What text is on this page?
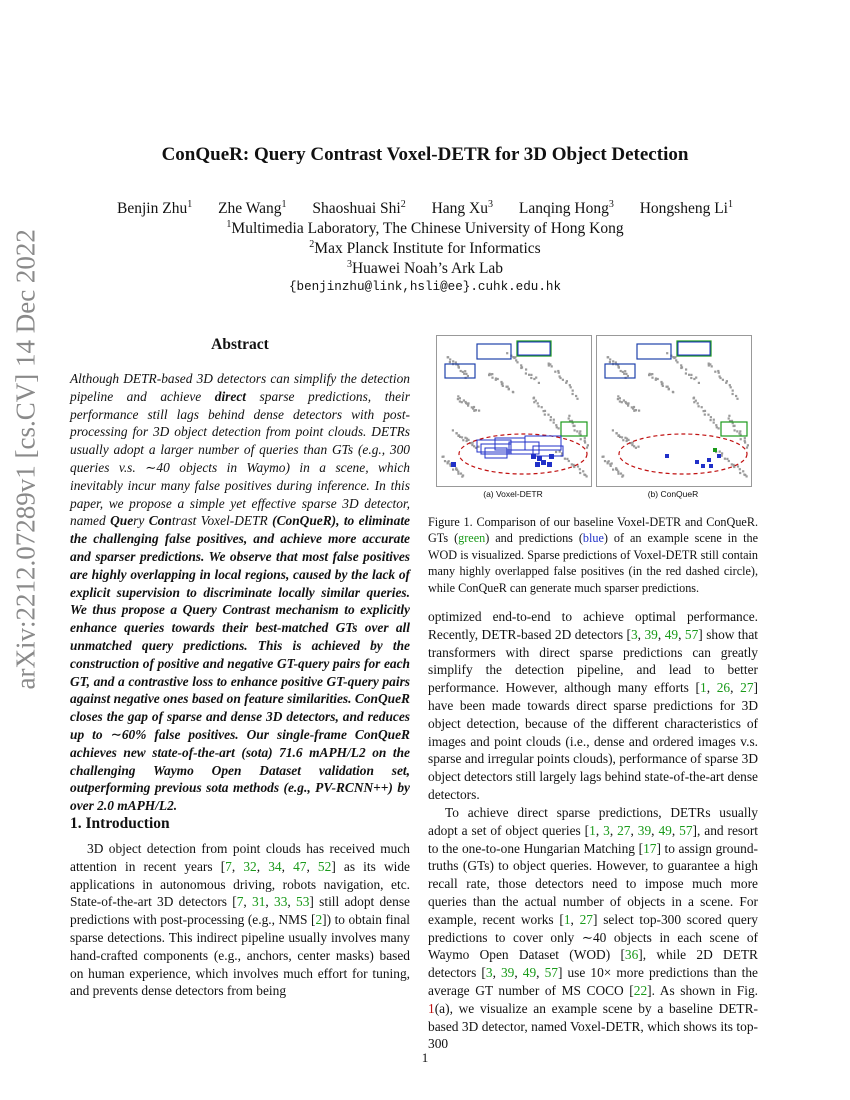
arXiv:2212.07289v1 [cs.CV] 14 Dec 2022
ConQueR: Query Contrast Voxel-DETR for 3D Object Detection
Benjin Zhu$^1$ Zhe Wang$^1$ Shaoshuai Shi$^2$ Hang Xu$^3$ Lanqing Hong$^3$ Hongsheng Li$^1$
$^1$Multimedia Laboratory, The Chinese University of Hong Kong
$^2$Max Planck Institute for Informatics
$^3$Huawei Noah’s Ark Lab
{benjinzhu@link,hsli@ee}.cuhk.edu.hk
Abstract
Although DETR-based 3D detectors can simplify the detection pipeline and achieve direct sparse predictions, their performance still lags behind dense detectors with post-processing for 3D object detection from point clouds. DETRs usually adopt a larger number of queries than GTs (e.g., 300 queries v.s. ∼40 objects in Waymo) in a scene, which inevitably incur many false positives during inference. In this paper, we propose a simple yet effective sparse 3D detector, named Query Contrast Voxel-DETR (ConQueR), to eliminate the challenging false positives, and achieve more accurate and sparser predictions. We observe that most false positives are highly overlapping in local regions, caused by the lack of explicit supervision to discriminate locally similar queries. We thus propose a Query Contrast mechanism to explicitly enhance queries towards their best-matched GTs over all unmatched query predictions. This is achieved by the construction of positive and negative GT-query pairs for each GT, and a contrastive loss to enhance positive GT-query pairs against negative ones based on feature similarities. ConQueR closes the gap of sparse and dense 3D detectors, and reduces up to ∼60% false positives. Our single-frame ConQueR achieves new state-of-the-art (sota) 71.6 mAPH/L2 on the challenging Waymo Open Dataset validation set, outperforming previous sota methods (e.g., PV-RCNN++) by over 2.0 mAPH/L2.
1. Introduction
3D object detection from point clouds has received much attention in recent years [7, 32, 34, 47, 52] as its wide applications in autonomous driving, robots navigation, etc. State-of-the-art 3D detectors [7, 31, 33, 53] still adopt dense predictions with post-processing (e.g., NMS [2]) to obtain final sparse detections. This indirect pipeline usually involves many hand-crafted components (e.g., anchors, center masks) based on human experience, which involves much effort for tuning, and prevents dense detectors from being
(a) Voxel-DETR	(b) ConQueR
Figure 1. Comparison of our baseline Voxel-DETR and ConQueR. GTs (green) and predictions (blue) of an example scene in the WOD is visualized. Sparse predictions of Voxel-DETR still contain many highly overlapped false positives (in the red dashed circle), while ConQueR can generate much sparser predictions.
optimized end-to-end to achieve optimal performance. Recently, DETR-based 2D detectors [3, 39, 49, 57] show that transformers with direct sparse predictions can greatly simplify the detection pipeline, and lead to better performance. However, although many efforts [1, 26, 27] have been made towards direct sparse predictions for 3D object detection, because of the different characteristics of images and point clouds (i.e., dense and ordered images v.s. sparse and irregular points clouds), performance of sparse 3D object detectors still largely lags behind state-of-the-art dense detectors.
To achieve direct sparse predictions, DETRs usually adopt a set of object queries [1, 3, 27, 39, 49, 57], and resort to the one-to-one Hungarian Matching [17] to assign ground-truths (GTs) to object queries. However, to guarantee a high recall rate, those detectors need to impose much more queries than the actual number of objects in a scene. For example, recent works [1, 27] select top-300 scored query predictions to cover only ∼40 objects in each scene of Waymo Open Dataset (WOD) [36], while 2D DETR detectors [3, 39, 49, 57] use 10× more predictions than the average GT number of MS COCO [22]. As shown in Fig. 1(a), we visualize an example scene by a baseline DETR-based 3D detector, named Voxel-DETR, which shows its top-300
1
